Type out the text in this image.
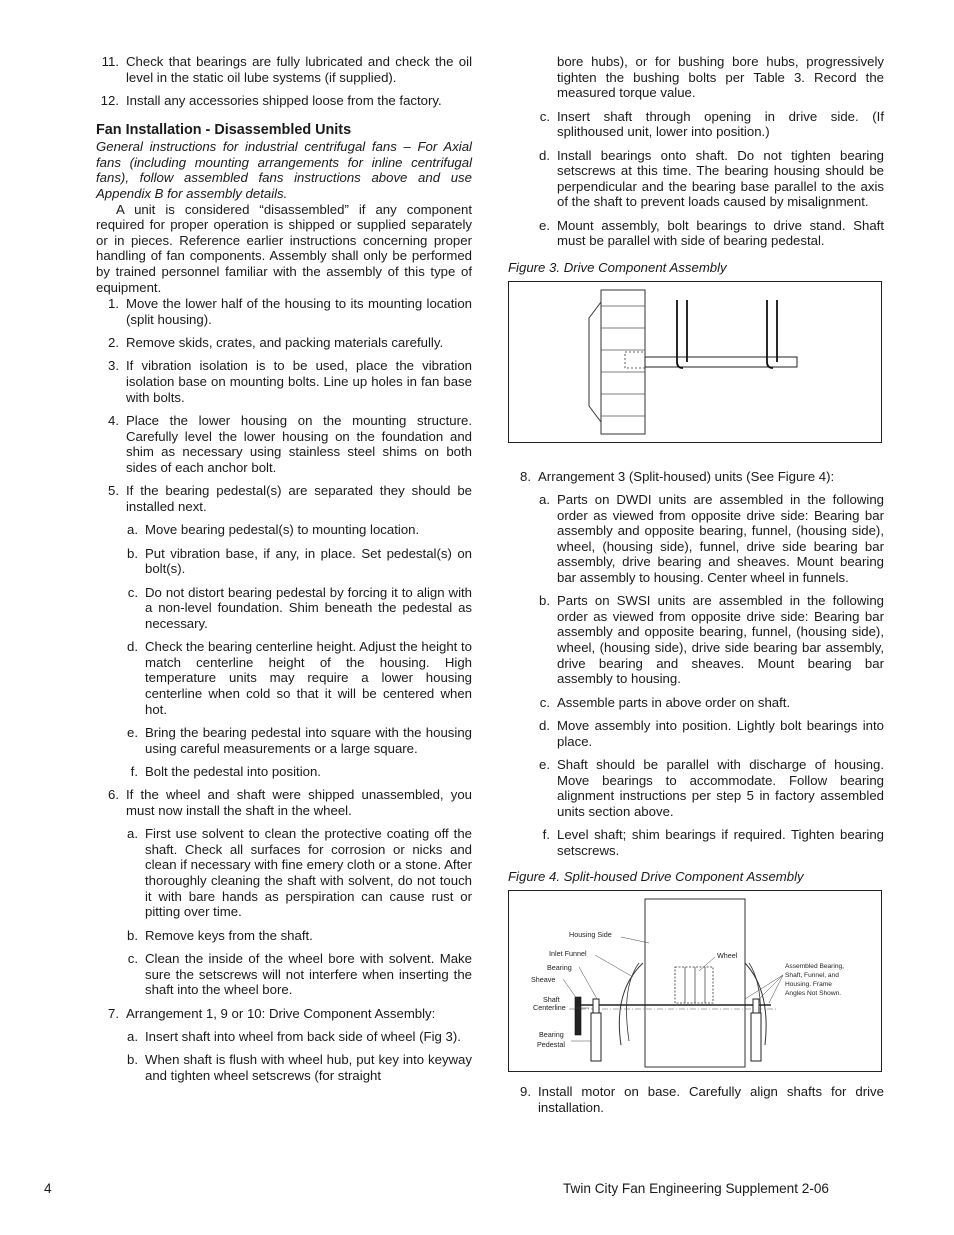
11. Check that bearings are fully lubricated and check the oil level in the static oil lube systems (if supplied).
12. Install any accessories shipped loose from the factory.
Fan Installation - Disassembled Units

General instructions for industrial centrifugal fans – For Axial fans (including mounting arrangements for inline centrifugal fans), follow assembled fans instructions above and use Appendix B for assembly details.

A unit is considered “disassembled” if any component required for proper operation is shipped or supplied separately or in pieces. Reference earlier instructions concerning proper handling of fan components. Assembly shall only be performed by trained personnel familiar with the assembly of this type of equipment.

1. Move the lower half of the housing to its mounting location (split housing).
2. Remove skids, crates, and packing materials carefully.
3. If vibration isolation is to be used, place the vibration isolation base on mounting bolts. Line up holes in fan base with bolts.
4. Place the lower housing on the mounting structure. Carefully level the lower housing on the foundation and shim as necessary using stainless steel shims on both sides of each anchor bolt.
5. If the bearing pedestal(s) are separated they should be installed next.
a. Move bearing pedestal(s) to mounting location.
b. Put vibration base, if any, in place. Set pedestal(s) on bolt(s).
c. Do not distort bearing pedestal by forcing it to align with a non-level foundation. Shim beneath the pedestal as necessary.
d. Check the bearing centerline height. Adjust the height to match centerline height of the housing. High temperature units may require a lower housing centerline when cold so that it will be centered when hot.
e. Bring the bearing pedestal into square with the housing using careful measurements or a large square.
f. Bolt the pedestal into position.
6. If the wheel and shaft were shipped unassembled, you must now install the shaft in the wheel.
a. First use solvent to clean the protective coating off the shaft. Check all surfaces for corrosion or nicks and clean if necessary with fine emery cloth or a stone. After thoroughly cleaning the shaft with solvent, do not touch it with bare hands as perspiration can cause rust or pitting over time.
b. Remove keys from the shaft.
c. Clean the inside of the wheel bore with solvent. Make sure the setscrews will not interfere when inserting the shaft into the wheel bore.
7. Arrangement 1, 9 or 10: Drive Component Assembly:
a. Insert shaft into wheel from back side of wheel (Fig 3).
b. When shaft is flush with wheel hub, put key into keyway and tighten wheel setscrews (for straight
bore hubs), or for bushing bore hubs, progressively tighten the bushing bolts per Table 3. Record the measured torque value.
c. Insert shaft through opening in drive side. (If splithoused unit, lower into position.)
d. Install bearings onto shaft. Do not tighten bearing setscrews at this time. The bearing housing should be perpendicular and the bearing base parallel to the axis of the shaft to prevent loads caused by misalignment.
e. Mount assembly, bolt bearings to drive stand. Shaft must be parallel with side of bearing pedestal.
Figure 3. Drive Component Assembly
8. Arrangement 3 (Split-housed) units (See Figure 4):
a. Parts on DWDI units are assembled in the following order as viewed from opposite drive side: Bearing bar assembly and opposite bearing, funnel, (housing side), wheel, (housing side), funnel, drive side bearing bar assembly, drive bearing and sheaves. Mount bearing bar assembly to housing. Center wheel in funnels.
b. Parts on SWSI units are assembled in the following order as viewed from opposite drive side: Bearing bar assembly and opposite bearing, funnel, (housing side), wheel, (housing side), drive side bearing bar assembly, drive bearing and sheaves. Mount bearing bar assembly to housing.
c. Assemble parts in above order on shaft.
d. Move assembly into position. Lightly bolt bearings into place.
e. Shaft should be parallel with discharge of housing. Move bearings to accommodate. Follow bearing alignment instructions per step 5 in factory assembled units section above.
f. Level shaft; shim bearings if required. Tighten bearing setscrews.
Figure 4. Split-housed Drive Component Assembly
Housing Side
Inlet Funnel
Bearing
Sheave
Shaft
Centerline
Bearing
Pedestal
Wheel
Assembled Bearing,
Shaft, Funnel, and
Housing. Frame
Angles Not Shown.
9. Install motor on base. Carefully align shafts for drive installation.
4	Twin City Fan Engineering Supplement 2-06
